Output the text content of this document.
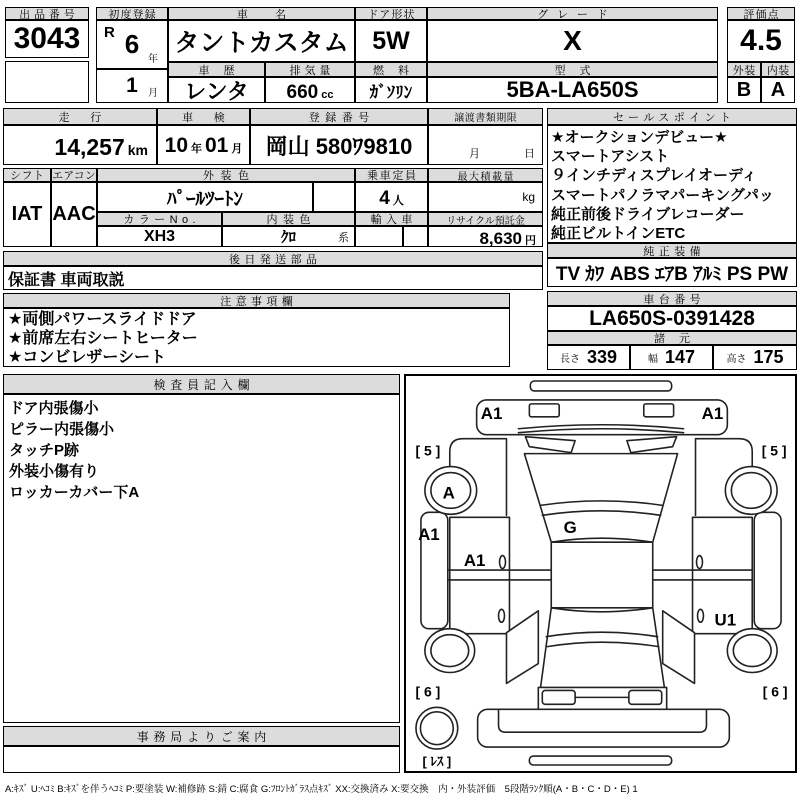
出品番号
3043
初度登録
R 6
年
1 月
車 名
タントカスタム
車 歴
レンタ
排気量
660 cc
ドア形状
5W
燃 料
ｶﾞｿﾘﾝ
グレード
X
型 式
5BA-LA650S
評価点
4.5
外装 内装
B A
走 行
14,257 km
車 検
10 年 01 月
登録番号
岡山 580ﾜ9810
譲渡書類期限
月　　　　日
シフト
IAT
エアコン
AAC
外装色
ﾊﾟｰﾙﾂｰﾄﾝ
乗車定員
4 人
最大積載量
kg
カラーNo.
XH3
内装色
ｸﾛ	系
輸入車	リサイクル預託金
8,630 円
後日発送部品
保証書 車両取説
注意事項欄
★両側パワースライドドア
★前席左右シートヒーター
★コンビレザーシート
セールスポイント
★オークションデビュー★
スマートアシスト
９インチディスプレイオーディ
スマートパノラマパーキングパッ
純正前後ドライブレコーダー
純正ビルトインETC
純正装備
TV ｶﾜ ABS ｴｱB ｱﾙﾐ PS PW
車台番号
LA650S-0391428
諸 元
長さ 339	幅 147	高さ 175
検査員記入欄
ドア内張傷小
ピラー内張傷小
タッチP跡
外装小傷有り
ロッカーカバー下A
事務局よりご案内
A1	A1
[ 5 ]	[ 5 ]
A
A1
A1
G
U1
[ 6 ]	[ 6 ]
[ ﾚｽ ]
A:ｷｽﾞ U:ﾍｺﾐ B:ｷｽﾞを伴うﾍｺﾐ P:要塗装 W:補修跡 S:錆 C:腐食 G:ﾌﾛﾝﾄｶﾞﾗｽ点ｷｽﾞ XX:交換済み X:要交換　内・外装評価　5段階ﾗﾝｸ順(A・B・C・D・E) 1
